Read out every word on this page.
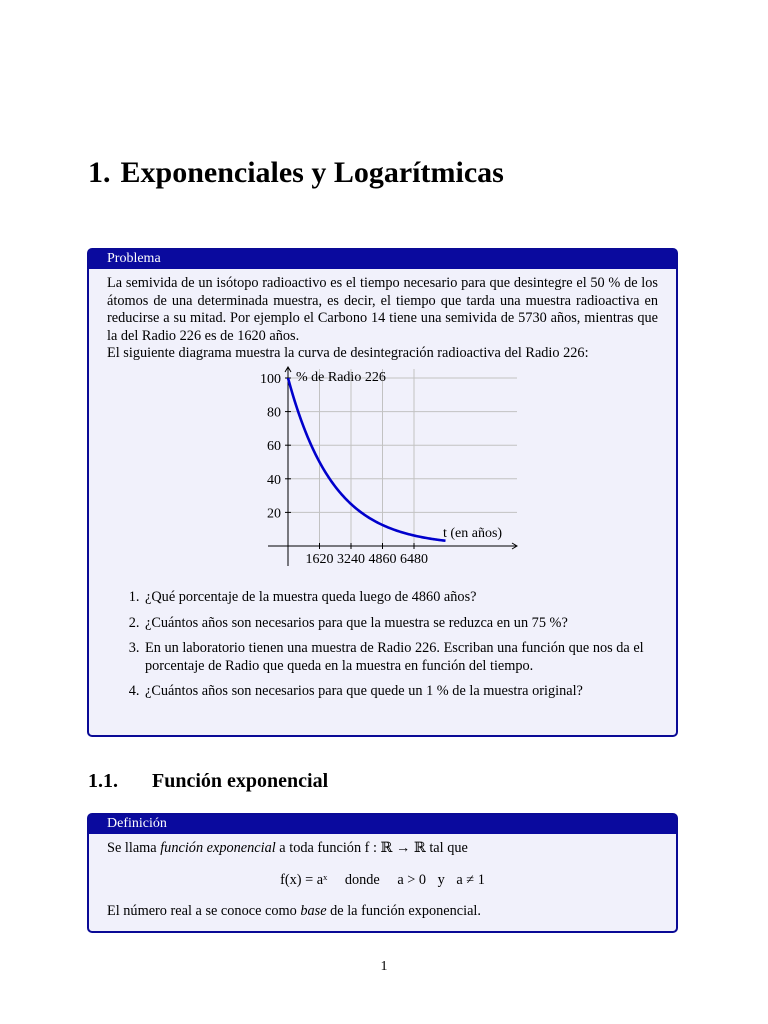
1. Exponenciales y Logarítmicas
Problema

La semivida de un isótopo radioactivo es el tiempo necesario para que desintegre el 50 % de los átomos de una determinada muestra, es decir, el tiempo que tarda una muestra radioactiva en reducirse a su mitad. Por ejemplo el Carbono 14 tiene una semivida de 5730 años, mientras que la del Radio 226 es de 1620 años.

El siguiente diagrama muestra la curva de desintegración radioactiva del Radio 226:

20
40
60
80
100
1620 3240 4860 6480
% de Radio 226
t (en años)
1. ¿Qué porcentaje de la muestra queda luego de 4860 años?
2. ¿Cuántos años son necesarios para que la muestra se reduzca en un 75 %?
3. En un laboratorio tienen una muestra de Radio 226. Escriban una función que nos da el porcentaje de Radio que queda en la muestra en función del tiempo.
4. ¿Cuántos años son necesarios para que quede un 1 % de la muestra original?
1.1. Función exponencial
Definición

Se llama función exponencial a toda función f : ℝ → ℝ tal que

f(x) = aˣ donde a > 0 y a ≠ 1

El número real a se conoce como base de la función exponencial.

1
